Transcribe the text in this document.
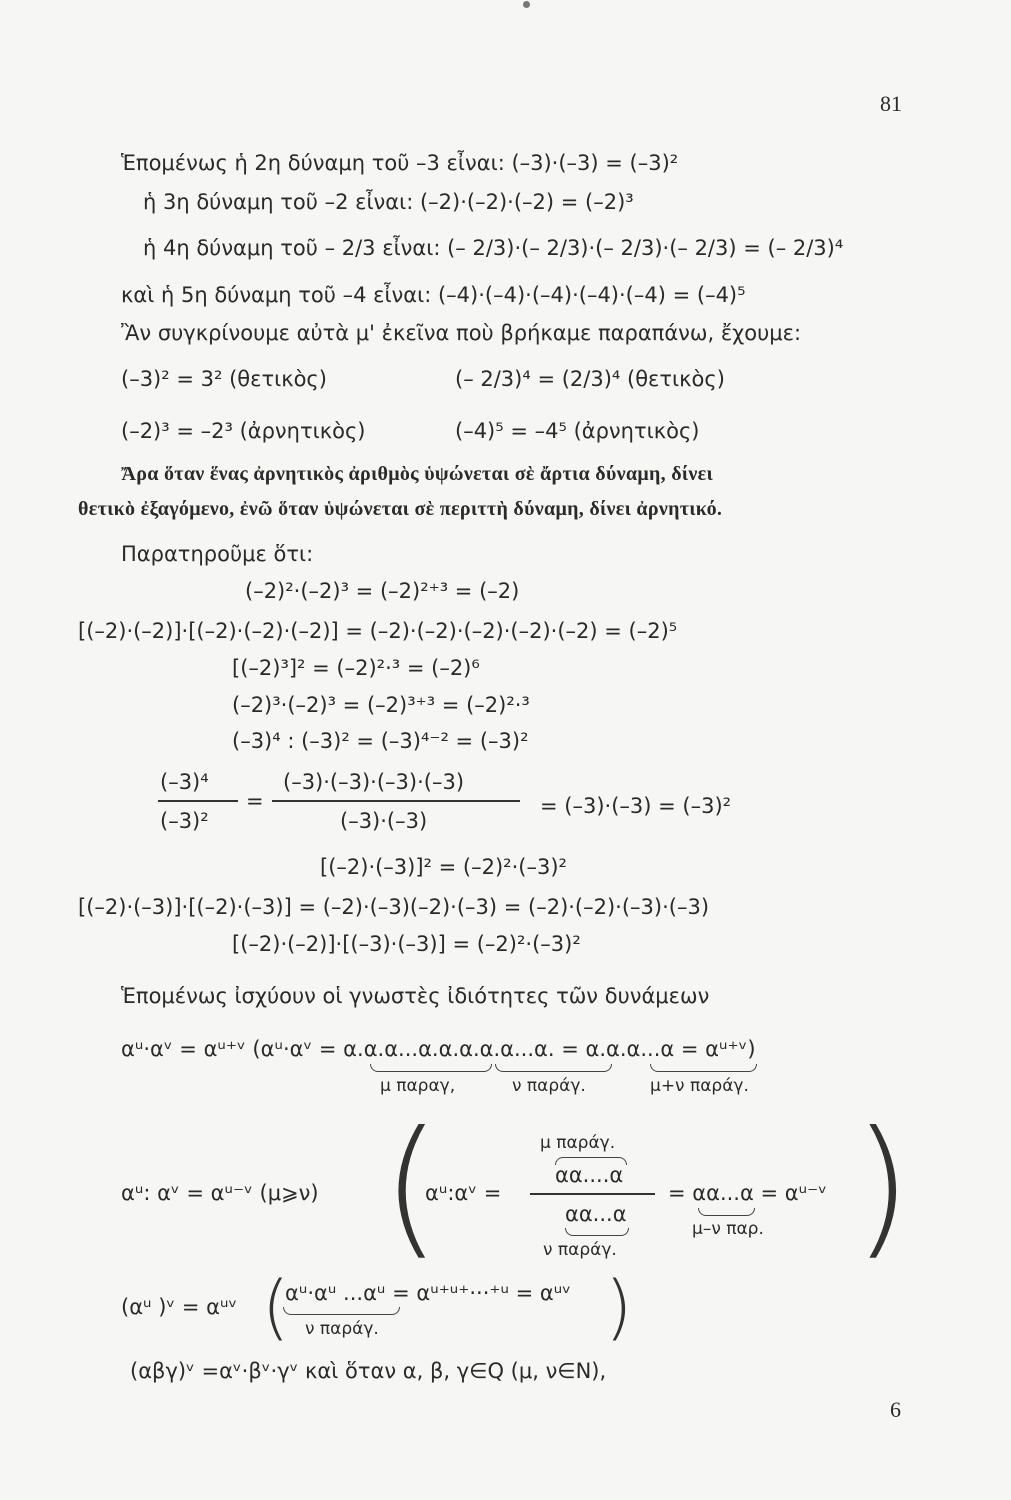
81
Ἑπομένως ἡ 2η δύναμη τοῦ –3 εἶναι: (–3)·(–3) = (–3)²
ἡ 3η δύναμη τοῦ –2 εἶναι: (–2)·(–2)·(–2) = (–2)³
ἡ 4η δύναμη τοῦ – 2/3 εἶναι: (– 2/3)·(– 2/3)·(– 2/3)·(– 2/3) = (– 2/3)⁴
καὶ ἡ 5η δύναμη τοῦ –4 εἶναι: (–4)·(–4)·(–4)·(–4)·(–4) = (–4)⁵
Ἂν συγκρίνουμε αὐτὰ μ' ἐκεῖνα ποὺ βρήκαμε παραπάνω, ἔχουμε:
(–3)² = 3² (θετικὸς)	(– 2/3)⁴ = (2/3)⁴ (θετικὸς)
(–2)³ = –2³ (ἀρνητικὸς)	(–4)⁵ = –4⁵ (ἀρνητικὸς)
Ἄρα ὅταν ἕνας ἀρνητικὸς ἀριθμὸς ὑψώνεται σὲ ἄρτια δύναμη, δίνει
θετικὸ ἐξαγόμενο, ἐνῶ ὅταν ὑψώνεται σὲ περιττὴ δύναμη, δίνει ἀρνητικό.
Παρατηροῦμε ὅτι:
(–2)²·(–2)³ = (–2)²⁺³ = (–2)
[(–2)·(–2)]·[(–2)·(–2)·(–2)] = (–2)·(–2)·(–2)·(–2)·(–2) = (–2)⁵
[(–2)³]² = (–2)²·³ = (–2)⁶
(–2)³·(–2)³ = (–2)³⁺³ = (–2)²·³
(–3)⁴ : (–3)² = (–3)⁴⁻² = (–3)²
(–3)⁴
(–3)²
=
(–3)·(–3)·(–3)·(–3)
(–3)·(–3)
= (–3)·(–3) = (–3)²
[(–2)·(–3)]² = (–2)²·(–3)²
[(–2)·(–3)]·[(–2)·(–3)] = (–2)·(–3)(–2)·(–3) = (–2)·(–2)·(–3)·(–3)
[(–2)·(–2)]·[(–3)·(–3)] = (–2)²·(–3)²
Ἑπομένως ἰσχύουν οἱ γνωστὲς ἰδιότητες τῶν δυνάμεων
αᵘ·αᵛ = αᵘ⁺ᵛ (αᵘ·αᵛ = α.α.α...α.α.α.α.α...α. = α.α.α...α = αᵘ⁺ᵛ)
μ παραγ,	ν παράγ.	μ+ν παράγ.
αᵘ: αᵛ = αᵘ⁻ᵛ (μ⩾ν) (	)
αᵘ:αᵛ =
μ παράγ.
αα....α
αα...α
ν παράγ.
= αα...α = αᵘ⁻ᵛ
μ–ν παρ.
(αᵘ )ᵛ = αᵘᵛ (	)
αᵘ·αᵘ ...αᵘ = αᵘ⁺ᵘ⁺···⁺ᵘ = αᵘᵛ
ν παράγ.
(αβγ)ᵛ =αᵛ·βᵛ·γᵛ καὶ ὅταν α, β, γ∈Q (μ, ν∈N),
6
